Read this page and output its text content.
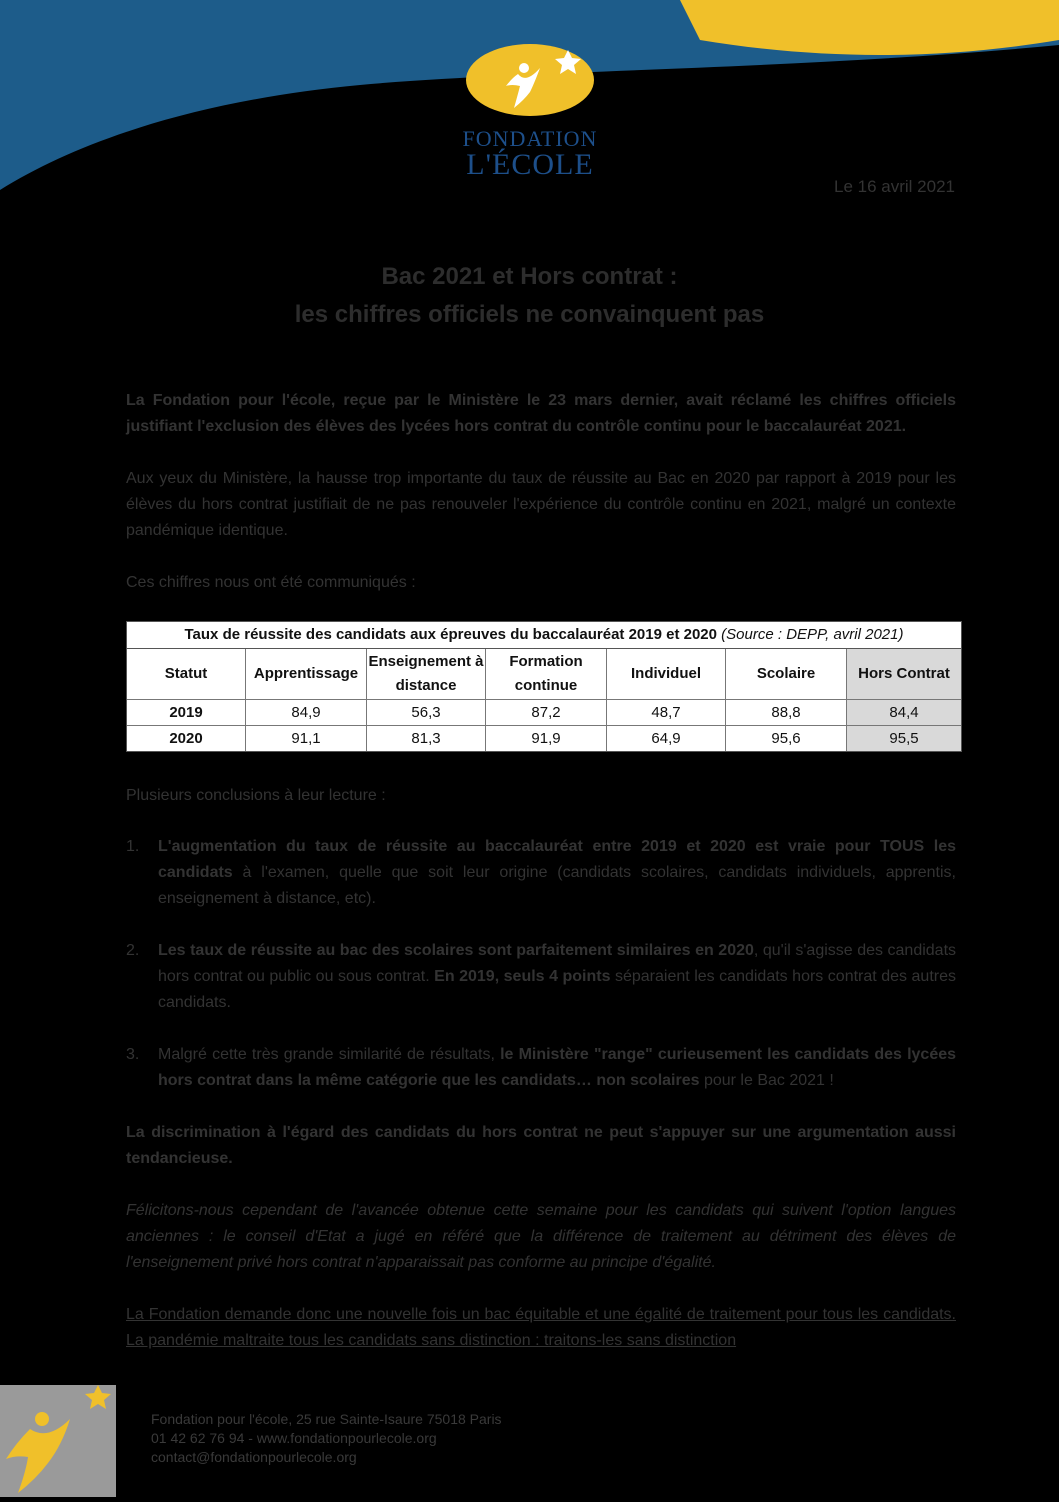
FONDATION
L'ÉCOLE
Le 16 avril 2021
Bac 2021 et Hors contrat :
les chiffres officiels ne convainquent pas
La Fondation pour l'école, reçue par le Ministère le 23 mars dernier, avait réclamé les chiffres officiels justifiant l'exclusion des élèves des lycées hors contrat du contrôle continu pour le baccalauréat 2021.
Aux yeux du Ministère, la hausse trop importante du taux de réussite au Bac en 2020 par rapport à 2019 pour les élèves du hors contrat justifiait de ne pas renouveler l'expérience du contrôle continu en 2021, malgré un contexte pandémique identique.
Ces chiffres nous ont été communiqués :
Taux de réussite des candidats aux épreuves du baccalauréat 2019 et 2020 (Source : DEPP, avril 2021)
Statut	Apprentissage	Enseignement à distance	Formation continue	Individuel	Scolaire	Hors Contrat
2019	84,9	56,3	87,2	48,7	88,8	84,4
2020	91,1	81,3	91,9	64,9	95,6	95,5
Plusieurs conclusions à leur lecture :
1. L'augmentation du taux de réussite au baccalauréat entre 2019 et 2020 est vraie pour TOUS les candidats à l'examen, quelle que soit leur origine (candidats scolaires, candidats individuels, apprentis, enseignement à distance, etc).
2. Les taux de réussite au bac des scolaires sont parfaitement similaires en 2020, qu'il s'agisse des candidats hors contrat ou public ou sous contrat. En 2019, seuls 4 points séparaient les candidats hors contrat des autres candidats.
3. Malgré cette très grande similarité de résultats, le Ministère "range" curieusement les candidats des lycées hors contrat dans la même catégorie que les candidats… non scolaires pour le Bac 2021 !
La discrimination à l'égard des candidats du hors contrat ne peut s'appuyer sur une argumentation aussi tendancieuse.
Félicitons-nous cependant de l'avancée obtenue cette semaine pour les candidats qui suivent l'option langues anciennes : le conseil d'Etat a jugé en référé que la différence de traitement au détriment des élèves de l'enseignement privé hors contrat n'apparaissait pas conforme au principe d'égalité.
La Fondation demande donc une nouvelle fois un bac équitable et une égalité de traitement pour tous les candidats. La pandémie maltraite tous les candidats sans distinction : traitons-les sans distinction
Fondation pour l'école, 25 rue Sainte-Isaure 75018 Paris
01 42 62 76 94 - www.fondationpourlecole.org
contact@fondationpourlecole.org
